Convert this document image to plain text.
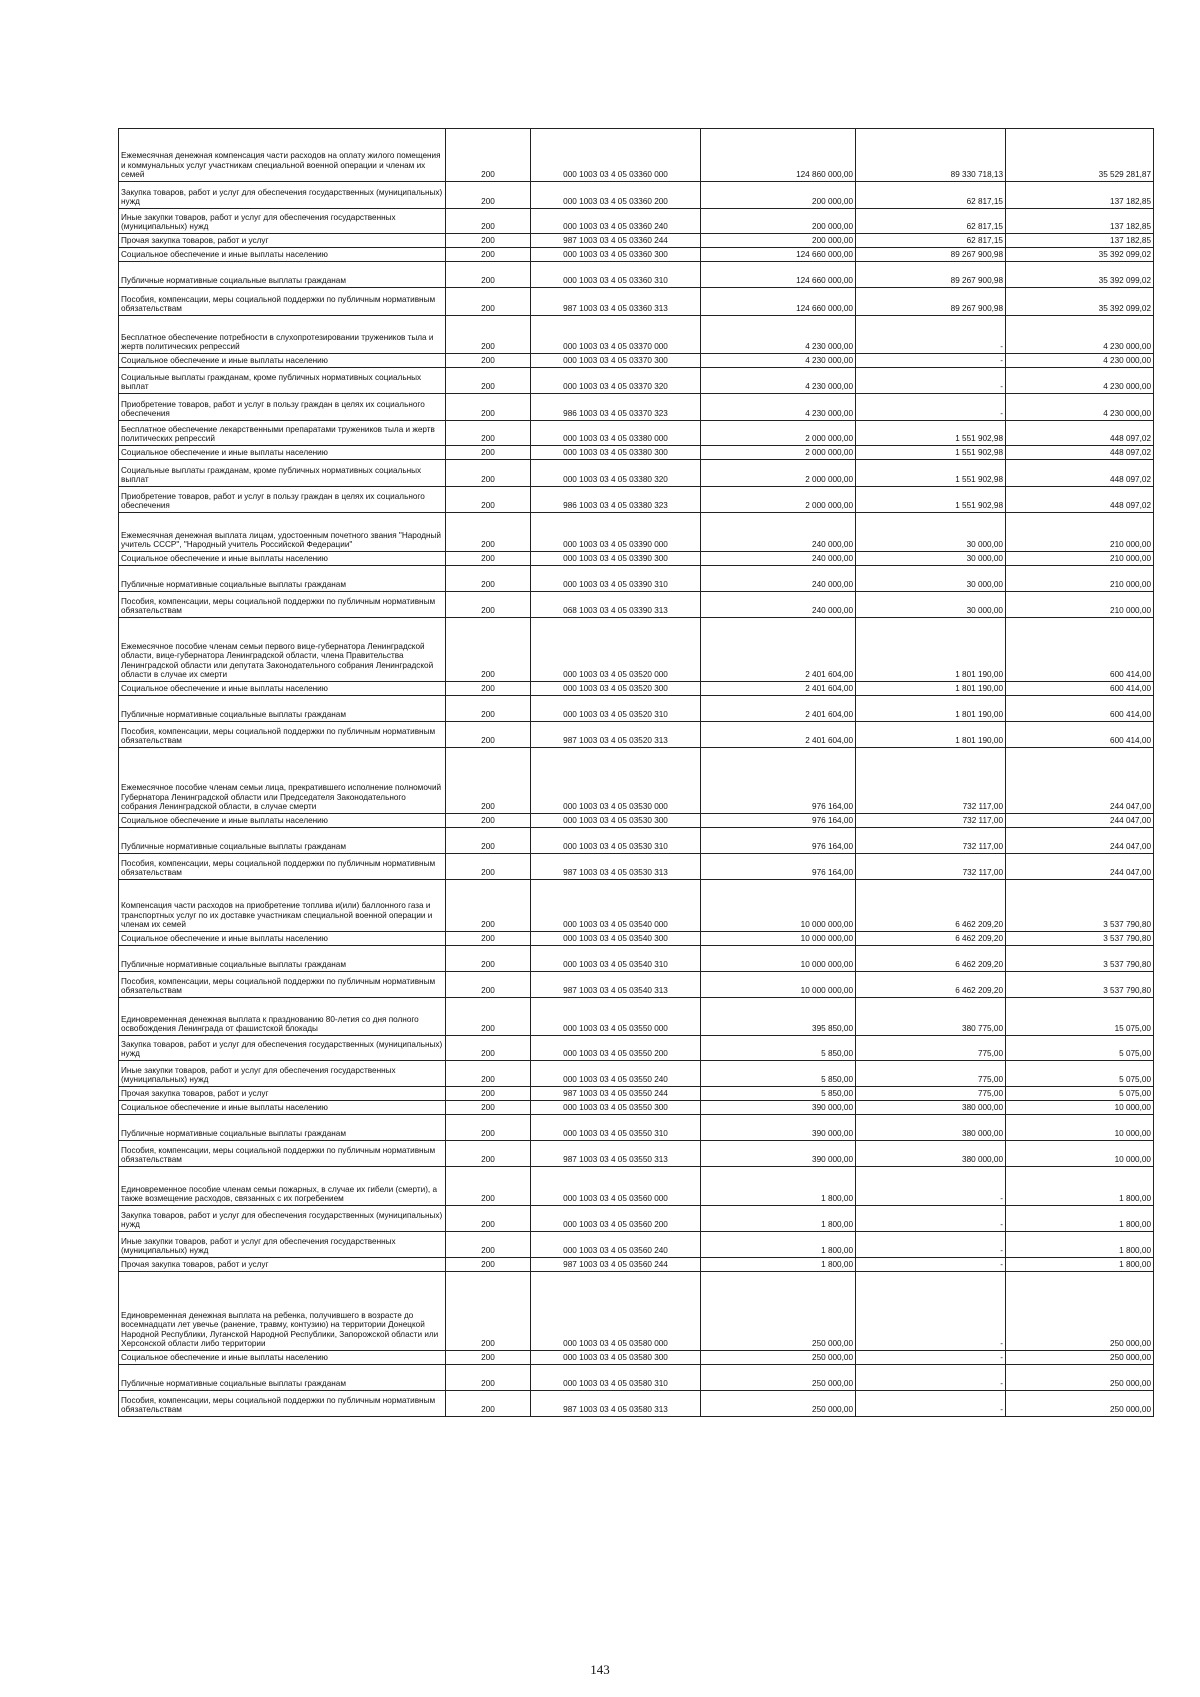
Ежемесячная денежная компенсация части расходов на оплату жилого помещения и коммунальных услуг участникам специальной военной операции и членам их семей	200	000 1003 03 4 05 03360 000	124 860 000,00	89 330 718,13	35 529 281,87
Закупка товаров, работ и услуг для обеспечения государственных (муниципальных) нужд	200	000 1003 03 4 05 03360 200	200 000,00	62 817,15	137 182,85
Иные закупки товаров, работ и услуг для обеспечения государственных (муниципальных) нужд	200	000 1003 03 4 05 03360 240	200 000,00	62 817,15	137 182,85
Прочая закупка товаров, работ и услуг	200	987 1003 03 4 05 03360 244	200 000,00	62 817,15	137 182,85
Социальное обеспечение и иные выплаты населению	200	000 1003 03 4 05 03360 300	124 660 000,00	89 267 900,98	35 392 099,02
Публичные нормативные социальные выплаты гражданам	200	000 1003 03 4 05 03360 310	124 660 000,00	89 267 900,98	35 392 099,02
Пособия, компенсации, меры социальной поддержки по публичным нормативным обязательствам	200	987 1003 03 4 05 03360 313	124 660 000,00	89 267 900,98	35 392 099,02
Бесплатное обеспечение потребности в слухопротезировании тружеников тыла и жертв политических репрессий	200	000 1003 03 4 05 03370 000	4 230 000,00	-	4 230 000,00
Социальное обеспечение и иные выплаты населению	200	000 1003 03 4 05 03370 300	4 230 000,00	-	4 230 000,00
Социальные выплаты гражданам, кроме публичных нормативных социальных выплат	200	000 1003 03 4 05 03370 320	4 230 000,00	-	4 230 000,00
Приобретение товаров, работ и услуг в пользу граждан в целях их социального обеспечения	200	986 1003 03 4 05 03370 323	4 230 000,00	-	4 230 000,00
Бесплатное обеспечение лекарственными препаратами тружеников тыла и жертв политических репрессий	200	000 1003 03 4 05 03380 000	2 000 000,00	1 551 902,98	448 097,02
Социальное обеспечение и иные выплаты населению	200	000 1003 03 4 05 03380 300	2 000 000,00	1 551 902,98	448 097,02
Социальные выплаты гражданам, кроме публичных нормативных социальных выплат	200	000 1003 03 4 05 03380 320	2 000 000,00	1 551 902,98	448 097,02
Приобретение товаров, работ и услуг в пользу граждан в целях их социального обеспечения	200	986 1003 03 4 05 03380 323	2 000 000,00	1 551 902,98	448 097,02
Ежемесячная денежная выплата лицам, удостоенным почетного звания "Народный учитель СССР", "Народный учитель Российской Федерации"	200	000 1003 03 4 05 03390 000	240 000,00	30 000,00	210 000,00
Социальное обеспечение и иные выплаты населению	200	000 1003 03 4 05 03390 300	240 000,00	30 000,00	210 000,00
Публичные нормативные социальные выплаты гражданам	200	000 1003 03 4 05 03390 310	240 000,00	30 000,00	210 000,00
Пособия, компенсации, меры социальной поддержки по публичным нормативным обязательствам	200	068 1003 03 4 05 03390 313	240 000,00	30 000,00	210 000,00
Ежемесячное пособие членам семьи первого вице-губернатора Ленинградской области, вице-губернатора Ленинградской области, члена Правительства Ленинградской области или депутата Законодательного собрания Ленинградской области в случае их смерти	200	000 1003 03 4 05 03520 000	2 401 604,00	1 801 190,00	600 414,00
Социальное обеспечение и иные выплаты населению	200	000 1003 03 4 05 03520 300	2 401 604,00	1 801 190,00	600 414,00
Публичные нормативные социальные выплаты гражданам	200	000 1003 03 4 05 03520 310	2 401 604,00	1 801 190,00	600 414,00
Пособия, компенсации, меры социальной поддержки по публичным нормативным обязательствам	200	987 1003 03 4 05 03520 313	2 401 604,00	1 801 190,00	600 414,00
Ежемесячное пособие членам семьи лица, прекратившего исполнение полномочий Губернатора Ленинградской области или Председателя Законодательного собрания Ленинградской области, в случае смерти	200	000 1003 03 4 05 03530 000	976 164,00	732 117,00	244 047,00
Социальное обеспечение и иные выплаты населению	200	000 1003 03 4 05 03530 300	976 164,00	732 117,00	244 047,00
Публичные нормативные социальные выплаты гражданам	200	000 1003 03 4 05 03530 310	976 164,00	732 117,00	244 047,00
Пособия, компенсации, меры социальной поддержки по публичным нормативным обязательствам	200	987 1003 03 4 05 03530 313	976 164,00	732 117,00	244 047,00
Компенсация части расходов на приобретение топлива и(или) баллонного газа и транспортных услуг по их доставке участникам специальной военной операции и членам их семей	200	000 1003 03 4 05 03540 000	10 000 000,00	6 462 209,20	3 537 790,80
Социальное обеспечение и иные выплаты населению	200	000 1003 03 4 05 03540 300	10 000 000,00	6 462 209,20	3 537 790,80
Публичные нормативные социальные выплаты гражданам	200	000 1003 03 4 05 03540 310	10 000 000,00	6 462 209,20	3 537 790,80
Пособия, компенсации, меры социальной поддержки по публичным нормативным обязательствам	200	987 1003 03 4 05 03540 313	10 000 000,00	6 462 209,20	3 537 790,80
Единовременная денежная выплата к празднованию 80-летия со дня полного освобождения Ленинграда от фашистской блокады	200	000 1003 03 4 05 03550 000	395 850,00	380 775,00	15 075,00
Закупка товаров, работ и услуг для обеспечения государственных (муниципальных) нужд	200	000 1003 03 4 05 03550 200	5 850,00	775,00	5 075,00
Иные закупки товаров, работ и услуг для обеспечения государственных (муниципальных) нужд	200	000 1003 03 4 05 03550 240	5 850,00	775,00	5 075,00
Прочая закупка товаров, работ и услуг	200	987 1003 03 4 05 03550 244	5 850,00	775,00	5 075,00
Социальное обеспечение и иные выплаты населению	200	000 1003 03 4 05 03550 300	390 000,00	380 000,00	10 000,00
Публичные нормативные социальные выплаты гражданам	200	000 1003 03 4 05 03550 310	390 000,00	380 000,00	10 000,00
Пособия, компенсации, меры социальной поддержки по публичным нормативным обязательствам	200	987 1003 03 4 05 03550 313	390 000,00	380 000,00	10 000,00
Единовременное пособие членам семьи пожарных, в случае их гибели (смерти), а также возмещение расходов, связанных с их погребением	200	000 1003 03 4 05 03560 000	1 800,00	-	1 800,00
Закупка товаров, работ и услуг для обеспечения государственных (муниципальных) нужд	200	000 1003 03 4 05 03560 200	1 800,00	-	1 800,00
Иные закупки товаров, работ и услуг для обеспечения государственных (муниципальных) нужд	200	000 1003 03 4 05 03560 240	1 800,00	-	1 800,00
Прочая закупка товаров, работ и услуг	200	987 1003 03 4 05 03560 244	1 800,00	-	1 800,00
Единовременная денежная выплата на ребенка, получившего в возрасте до восемнадцати лет увечье (ранение, травму, контузию) на территории Донецкой Народной Республики, Луганской Народной Республики, Запорожской области или Херсонской области либо территории	200	000 1003 03 4 05 03580 000	250 000,00	-	250 000,00
Социальное обеспечение и иные выплаты населению	200	000 1003 03 4 05 03580 300	250 000,00	-	250 000,00
Публичные нормативные социальные выплаты гражданам	200	000 1003 03 4 05 03580 310	250 000,00	-	250 000,00
Пособия, компенсации, меры социальной поддержки по публичным нормативным обязательствам	200	987 1003 03 4 05 03580 313	250 000,00	-	250 000,00
143
